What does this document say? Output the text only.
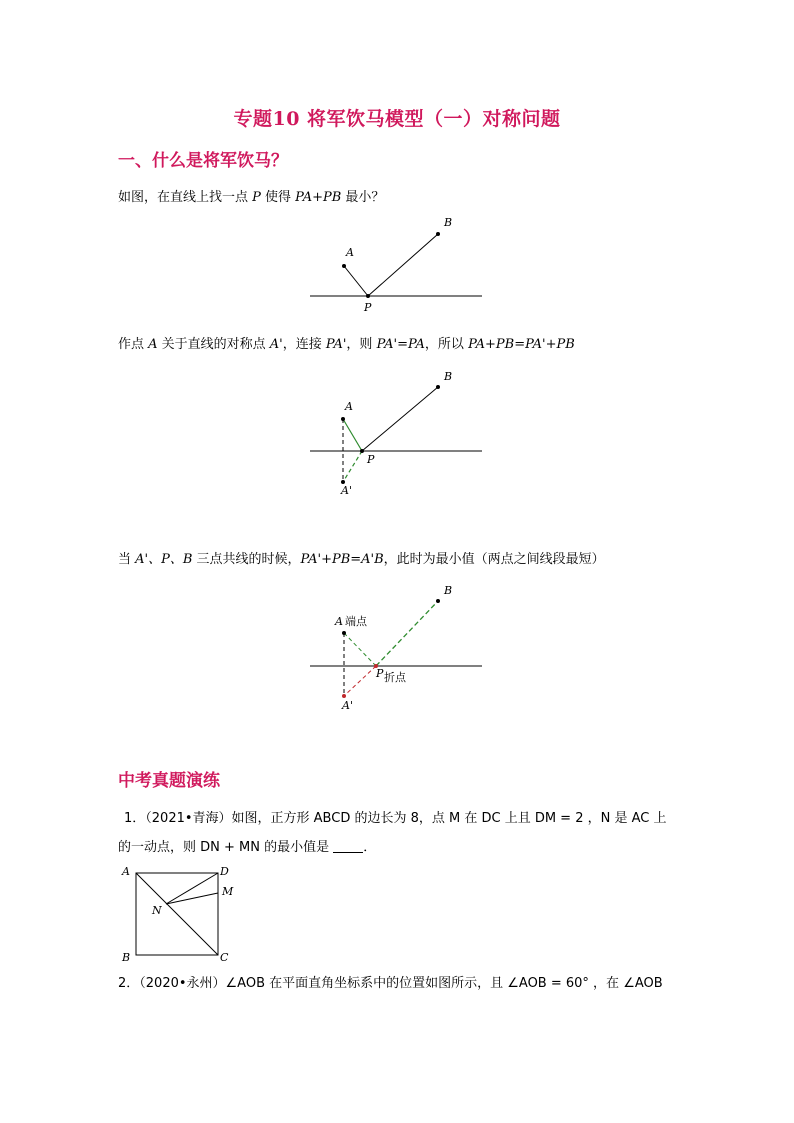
专题10 将军饮马模型（一）对称问题
一、什么是将军饮马？
如图，在直线上找一点 P 使得 PA+PB 最小？
A
B
P
作点 A 关于直线的对称点 A'，连接 PA'，则 PA'=PA，所以 PA+PB=PA'+PB
A
B
P
A'
当 A'、P、B 三点共线的时候，PA'+PB=A'B，此时为最小值（两点之间线段最短）
A 端点
B
P 折点
A'
中考真题演练
1．（2021•青海）如图，正方形 ABCD 的边长为 8，点 M 在 DC 上且 DM = 2 ，N 是 AC 上
的一动点，则 DN + MN 的最小值是 ．
A	D
M
N
B	C
2．（2020•永州）∠AOB 在平面直角坐标系中的位置如图所示，且 ∠AOB = 60° ，在 ∠AOB
